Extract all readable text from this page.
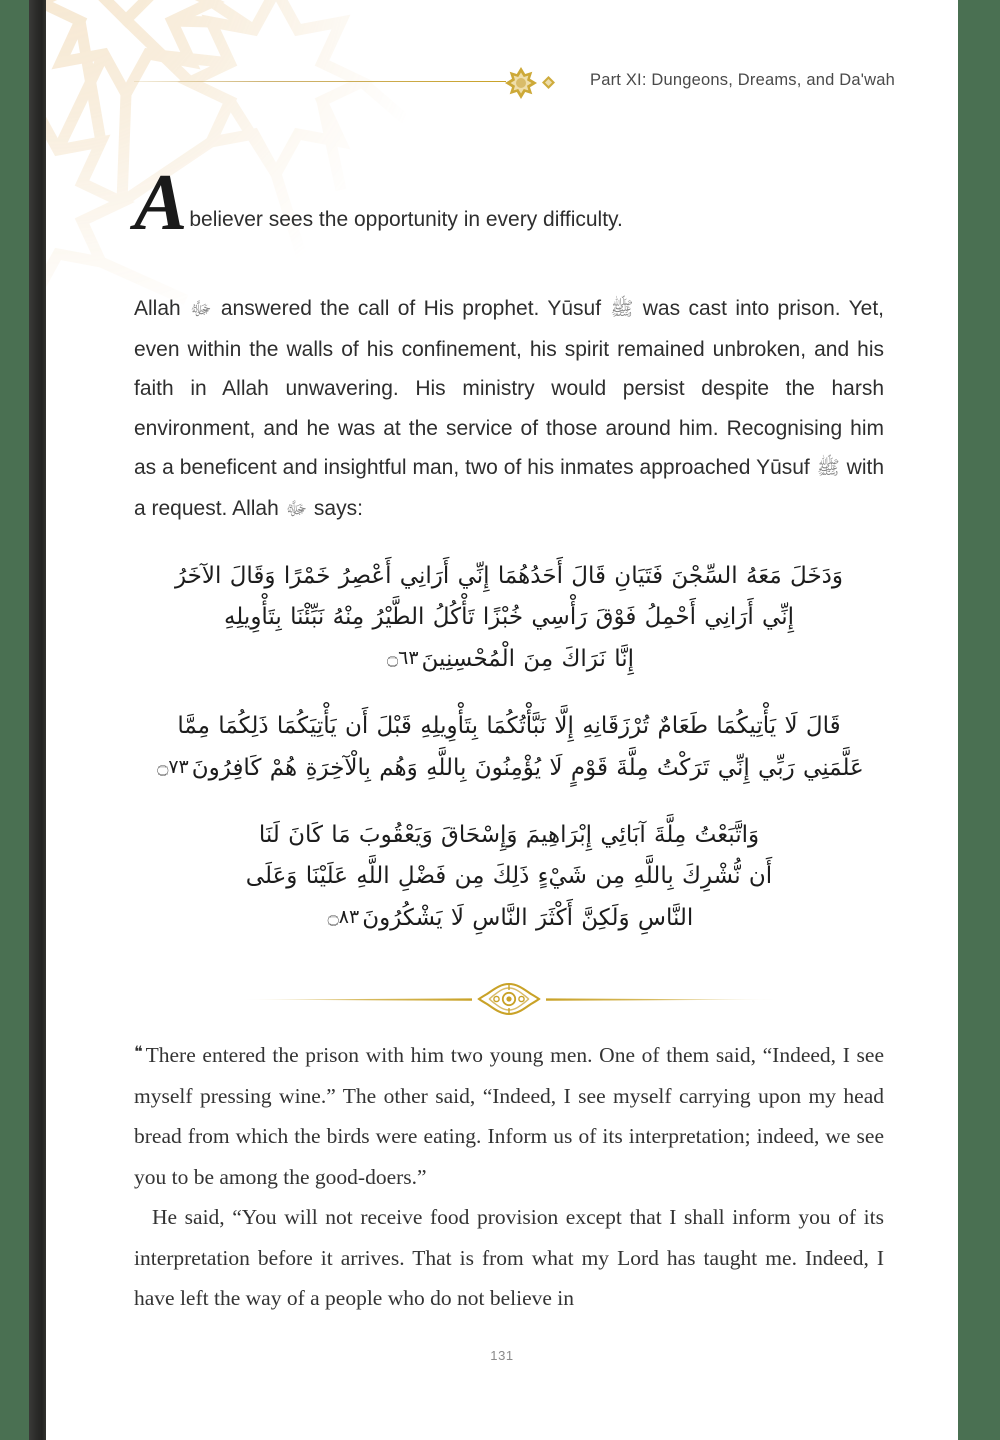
Part XI: Dungeons, Dreams, and Da'wah
A believer sees the opportunity in every difficulty.

Allah ﷻ answered the call of His prophet. Yūsuf ﷺ was cast into prison. Yet, even within the walls of his confinement, his spirit remained unbroken, and his faith in Allah unwavering. His ministry would persist despite the harsh environment, and he was at the service of those around him. Recognising him as a beneficent and insightful man, two of his inmates approached Yūsuf ﷺ with a request. Allah ﷻ says:

وَدَخَلَ مَعَهُ السِّجْنَ فَتَيَانِ قَالَ أَحَدُهُمَا إِنِّي أَرَانِي أَعْصِرُ خَمْرًا وَقَالَ الآخَرُ
إِنِّي أَرَانِي أَحْمِلُ فَوْقَ رَأْسِي خُبْزًا تَأْكُلُ الطَّيْرُ مِنْهُ نَبِّئْنَا بِتَأْوِيلِهِ
إِنَّا نَرَاكَ مِنَ الْمُحْسِنِينَ۝٦٣
قَالَ لَا يَأْتِيكُمَا طَعَامٌ تُرْزَقَانِهِ إِلَّا نَبَّأْتُكُمَا بِتَأْوِيلِهِ قَبْلَ أَن يَأْتِيَكُمَا ذَلِكُمَا مِمَّا
عَلَّمَنِي رَبِّي إِنِّي تَرَكْتُ مِلَّةَ قَوْمٍ لَا يُؤْمِنُونَ بِاللَّهِ وَهُم بِالْآخِرَةِ هُمْ كَافِرُونَ۝٧٣
وَاتَّبَعْتُ مِلَّةَ آبَائِي إِبْرَاهِيمَ وَإِسْحَاقَ وَيَعْقُوبَ مَا كَانَ لَنَا
أَن نُّشْرِكَ بِاللَّهِ مِن شَيْءٍ ذَلِكَ مِن فَضْلِ اللَّهِ عَلَيْنَا وَعَلَى
النَّاسِ وَلَكِنَّ أَكْثَرَ النَّاسِ لَا يَشْكُرُونَ۝٨٣

❝ There entered the prison with him two young men. One of them said, “Indeed, I see myself pressing wine.” The other said, “Indeed, I see myself carrying upon my head bread from which the birds were eating. Inform us of its interpretation; indeed, we see you to be among the good-doers.”

He said, “You will not receive food provision except that I shall inform you of its interpretation before it arrives. That is from what my Lord has taught me. Indeed, I have left the way of a people who do not believe in

131
